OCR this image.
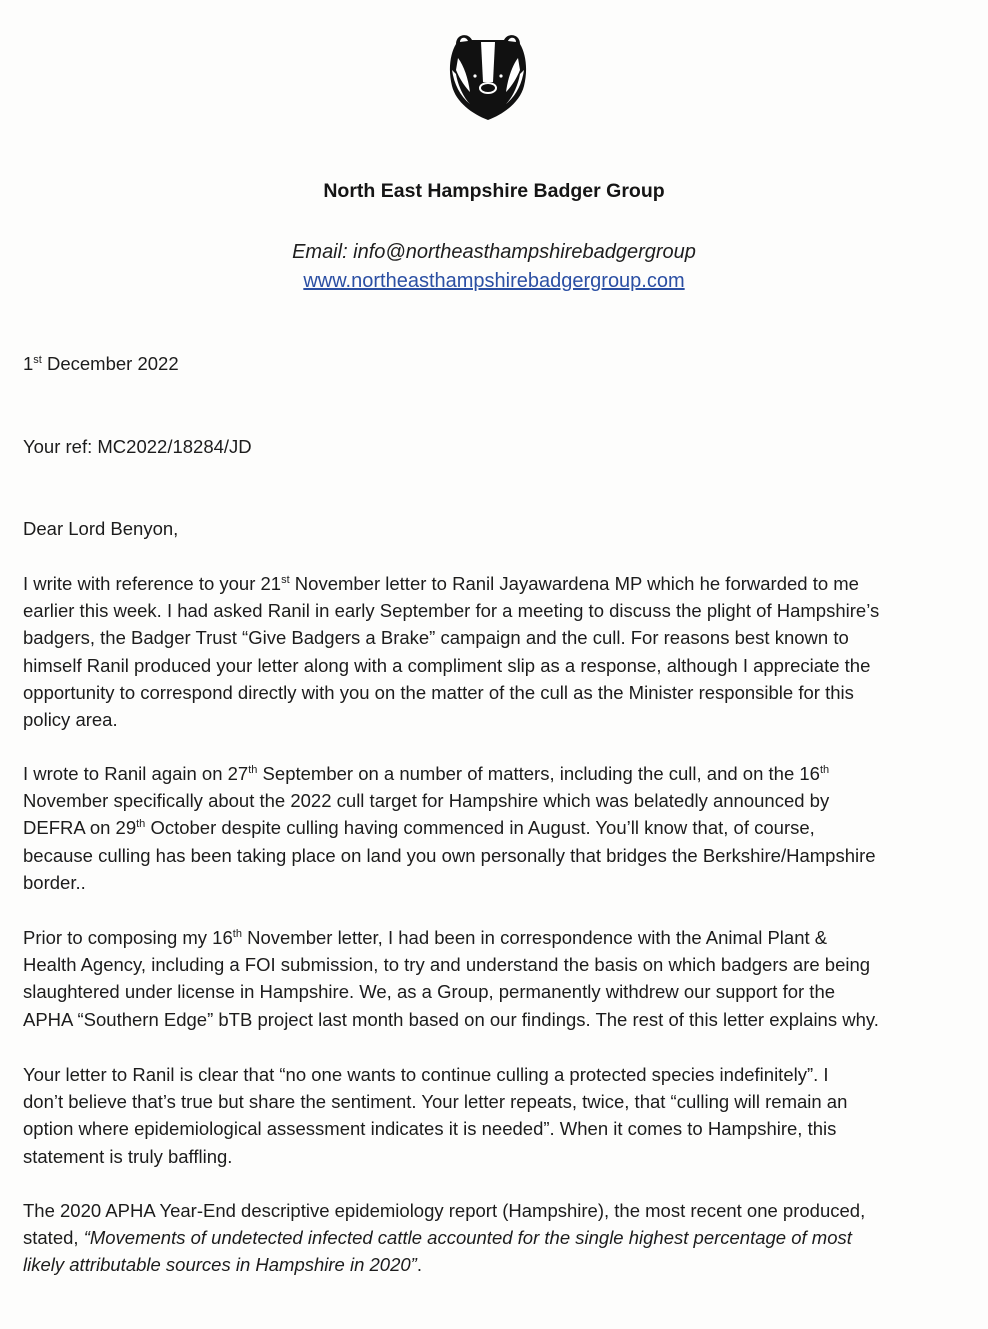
North East Hampshire Badger Group
Email: info@northeasthampshirebadgergroup
www.northeasthampshirebadgergroup.com
1st December 2022
Your ref: MC2022/18284/JD
Dear Lord Benyon,
I write with reference to your 21st November letter to Ranil Jayawardena MP which he forwarded to me
earlier this week. I had asked Ranil in early September for a meeting to discuss the plight of Hampshire’s
badgers, the Badger Trust “Give Badgers a Brake” campaign and the cull. For reasons best known to
himself Ranil produced your letter along with a compliment slip as a response, although I appreciate the
opportunity to correspond directly with you on the matter of the cull as the Minister responsible for this
policy area.
I wrote to Ranil again on 27th September on a number of matters, including the cull, and on the 16th
November specifically about the 2022 cull target for Hampshire which was belatedly announced by
DEFRA on 29th October despite culling having commenced in August. You’ll know that, of course,
because culling has been taking place on land you own personally that bridges the Berkshire/Hampshire
border..
Prior to composing my 16th November letter, I had been in correspondence with the Animal Plant &
Health Agency, including a FOI submission, to try and understand the basis on which badgers are being
slaughtered under license in Hampshire. We, as a Group, permanently withdrew our support for the
APHA “Southern Edge” bTB project last month based on our findings. The rest of this letter explains why.
Your letter to Ranil is clear that “no one wants to continue culling a protected species indefinitely”. I
don’t believe that’s true but share the sentiment. Your letter repeats, twice, that “culling will remain an
option where epidemiological assessment indicates it is needed”. When it comes to Hampshire, this
statement is truly baffling.
The 2020 APHA Year-End descriptive epidemiology report (Hampshire), the most recent one produced,
stated, “Movements of undetected infected cattle accounted for the single highest percentage of most
likely attributable sources in Hampshire in 2020”.
